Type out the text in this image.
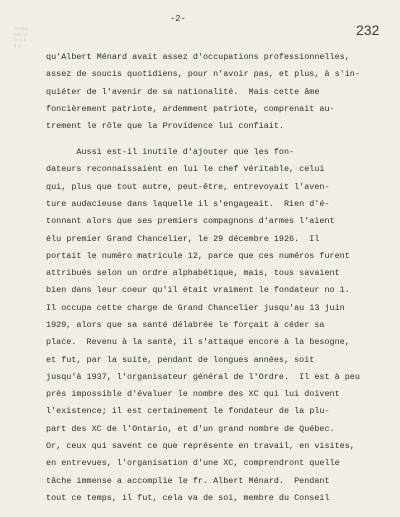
CAOA
MG 21
C 1 1
1 1
-2-
232
qu'Albert Ménard avait assez d'occupations professionnelles,
assez de soucis quotidiens, pour n'avoir pas, et plus, à s'in-
quiéter de l'avenir de sa nationalité.  Mais cette âme
foncièrement patriote, ardemment patriote, comprenait au-
trement le rôle que la Providence lui confiait.
Aussi est-il inutile d'ajouter que les fon-
dateurs reconnaissaient en lui le chef véritable, celui
qui, plus que tout autre, peut-être, entrevoyait l'aven-
ture audacieuse dans laquelle il s'engageait.  Rien d'é-
tonnant alors que ses premiers compagnons d'armes l'aient
élu premier Grand Chancelier, le 29 décembre 1926.  Il
portait le numéro matricule 12, parce que ces numéros furent
attribués selon un ordre alphabétique, mais, tous savaient
bien dans leur coeur qu'il était vraiment le fondateur no 1.
Il occupa cette charge de Grand Chancelier jusqu'au 13 juin
1929, alors que sa santé délabrée le forçait à céder sa
place.  Revenu à la santé, il s'attaque encore à la besogne,
et fut, par la suite, pendant de longues années, soit
jusqu'à 1937, l'organisateur général de l'Ordre.  Il est à peu
près impossible d'évaluer le nombre des XC qui lui doivent
l'existence; il est certainement le fondateur de la plu-
part des XC de l'Ontario, et d'un grand nombre de Québec.
Or, ceux qui savent ce que représente en travail, en visites,
en entrevues, l'organisation d'une XC, comprendront quelle
tâche immense a accomplie le fr. Albert Ménard.  Pendant
tout ce temps, il fut, cela va de soi, membre du Conseil
